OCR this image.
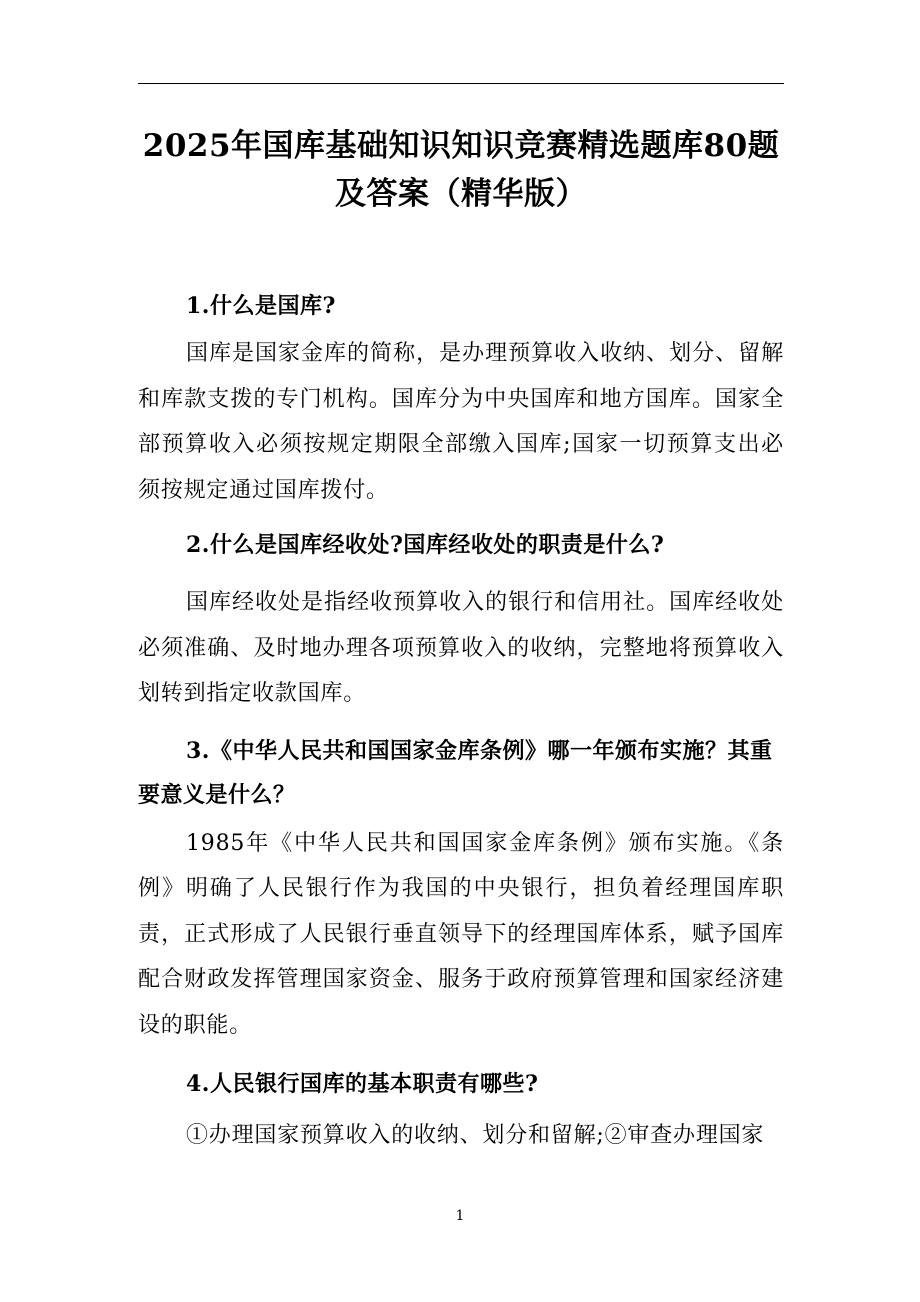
2025年国库基础知识知识竞赛精选题库80题及答案（精华版）

1.什么是国库?

国库是国家金库的简称，是办理预算收入收纳、划分、留解和库款支拨的专门机构。国库分为中央国库和地方国库。国家全部预算收入必须按规定期限全部缴入国库;国家一切预算支出必须按规定通过国库拨付。

2.什么是国库经收处?国库经收处的职责是什么?

国库经收处是指经收预算收入的银行和信用社。国库经收处必须准确、及时地办理各项预算收入的收纳，完整地将预算收入划转到指定收款国库。

3.《中华人民共和国国家金库条例》哪一年颁布实施？其重要意义是什么？

1985年《中华人民共和国国家金库条例》颁布实施。《条例》明确了人民银行作为我国的中央银行，担负着经理国库职责，正式形成了人民银行垂直领导下的经理国库体系，赋予国库配合财政发挥管理国家资金、服务于政府预算管理和国家经济建设的职能。

4.人民银行国库的基本职责有哪些?

①办理国家预算收入的收纳、划分和留解;②审查办理国家

1
